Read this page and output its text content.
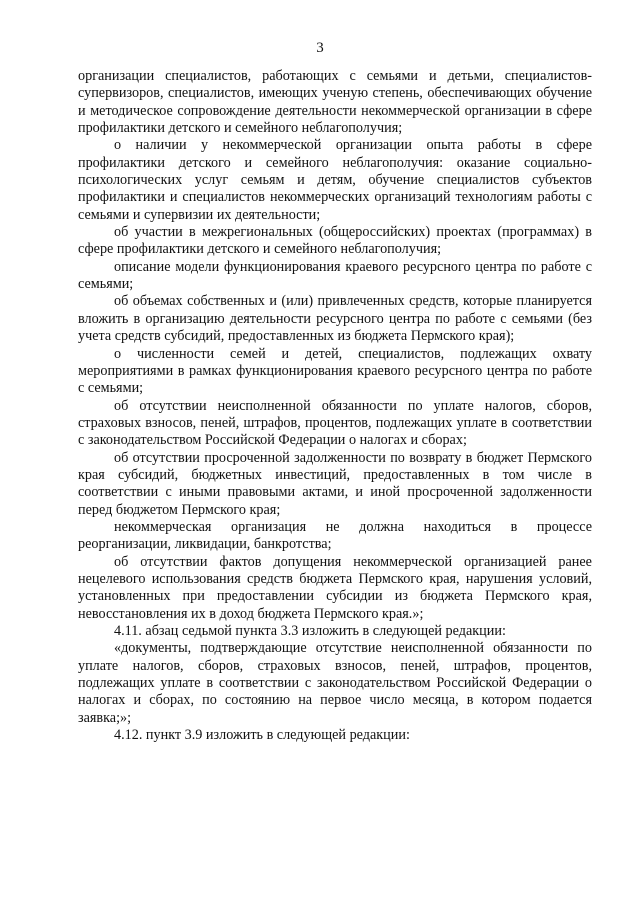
3

организации специалистов, работающих с семьями и детьми, специалистов-супервизоров, специалистов, имеющих ученую степень, обеспечивающих обучение и методическое сопровождение деятельности некоммерческой организации в сфере профилактики детского и семейного неблагополучия;

о наличии у некоммерческой организации опыта работы в сфере профилактики детского и семейного неблагополучия: оказание социально-психологических услуг семьям и детям, обучение специалистов субъектов профилактики и специалистов некоммерческих организаций технологиям работы с семьями и супервизии их деятельности;

об участии в межрегиональных (общероссийских) проектах (программах) в сфере профилактики детского и семейного неблагополучия;

описание модели функционирования краевого ресурсного центра по работе с семьями;

об объемах собственных и (или) привлеченных средств, которые планируется вложить в организацию деятельности ресурсного центра по работе с семьями (без учета средств субсидий, предоставленных из бюджета Пермского края);

о численности семей и детей, специалистов, подлежащих охвату мероприятиями в рамках функционирования краевого ресурсного центра по работе с семьями;

об отсутствии неисполненной обязанности по уплате налогов, сборов, страховых взносов, пеней, штрафов, процентов, подлежащих уплате в соответствии с законодательством Российской Федерации о налогах и сборах;

об отсутствии просроченной задолженности по возврату в бюджет Пермского края субсидий, бюджетных инвестиций, предоставленных в том числе в соответствии с иными правовыми актами, и иной просроченной задолженности перед бюджетом Пермского края;

некоммерческая организация не должна находиться в процессе реорганизации, ликвидации, банкротства;

об отсутствии фактов допущения некоммерческой организацией ранее нецелевого использования средств бюджета Пермского края, нарушения условий, установленных при предоставлении субсидии из бюджета Пермского края, невосстановления их в доход бюджета Пермского края.»;

4.11. абзац седьмой пункта 3.3 изложить в следующей редакции:

«документы, подтверждающие отсутствие неисполненной обязанности по уплате налогов, сборов, страховых взносов, пеней, штрафов, процентов, подлежащих уплате в соответствии с законодательством Российской Федерации о налогах и сборах, по состоянию на первое число месяца, в котором подается заявка;»;

4.12. пункт 3.9 изложить в следующей редакции:
